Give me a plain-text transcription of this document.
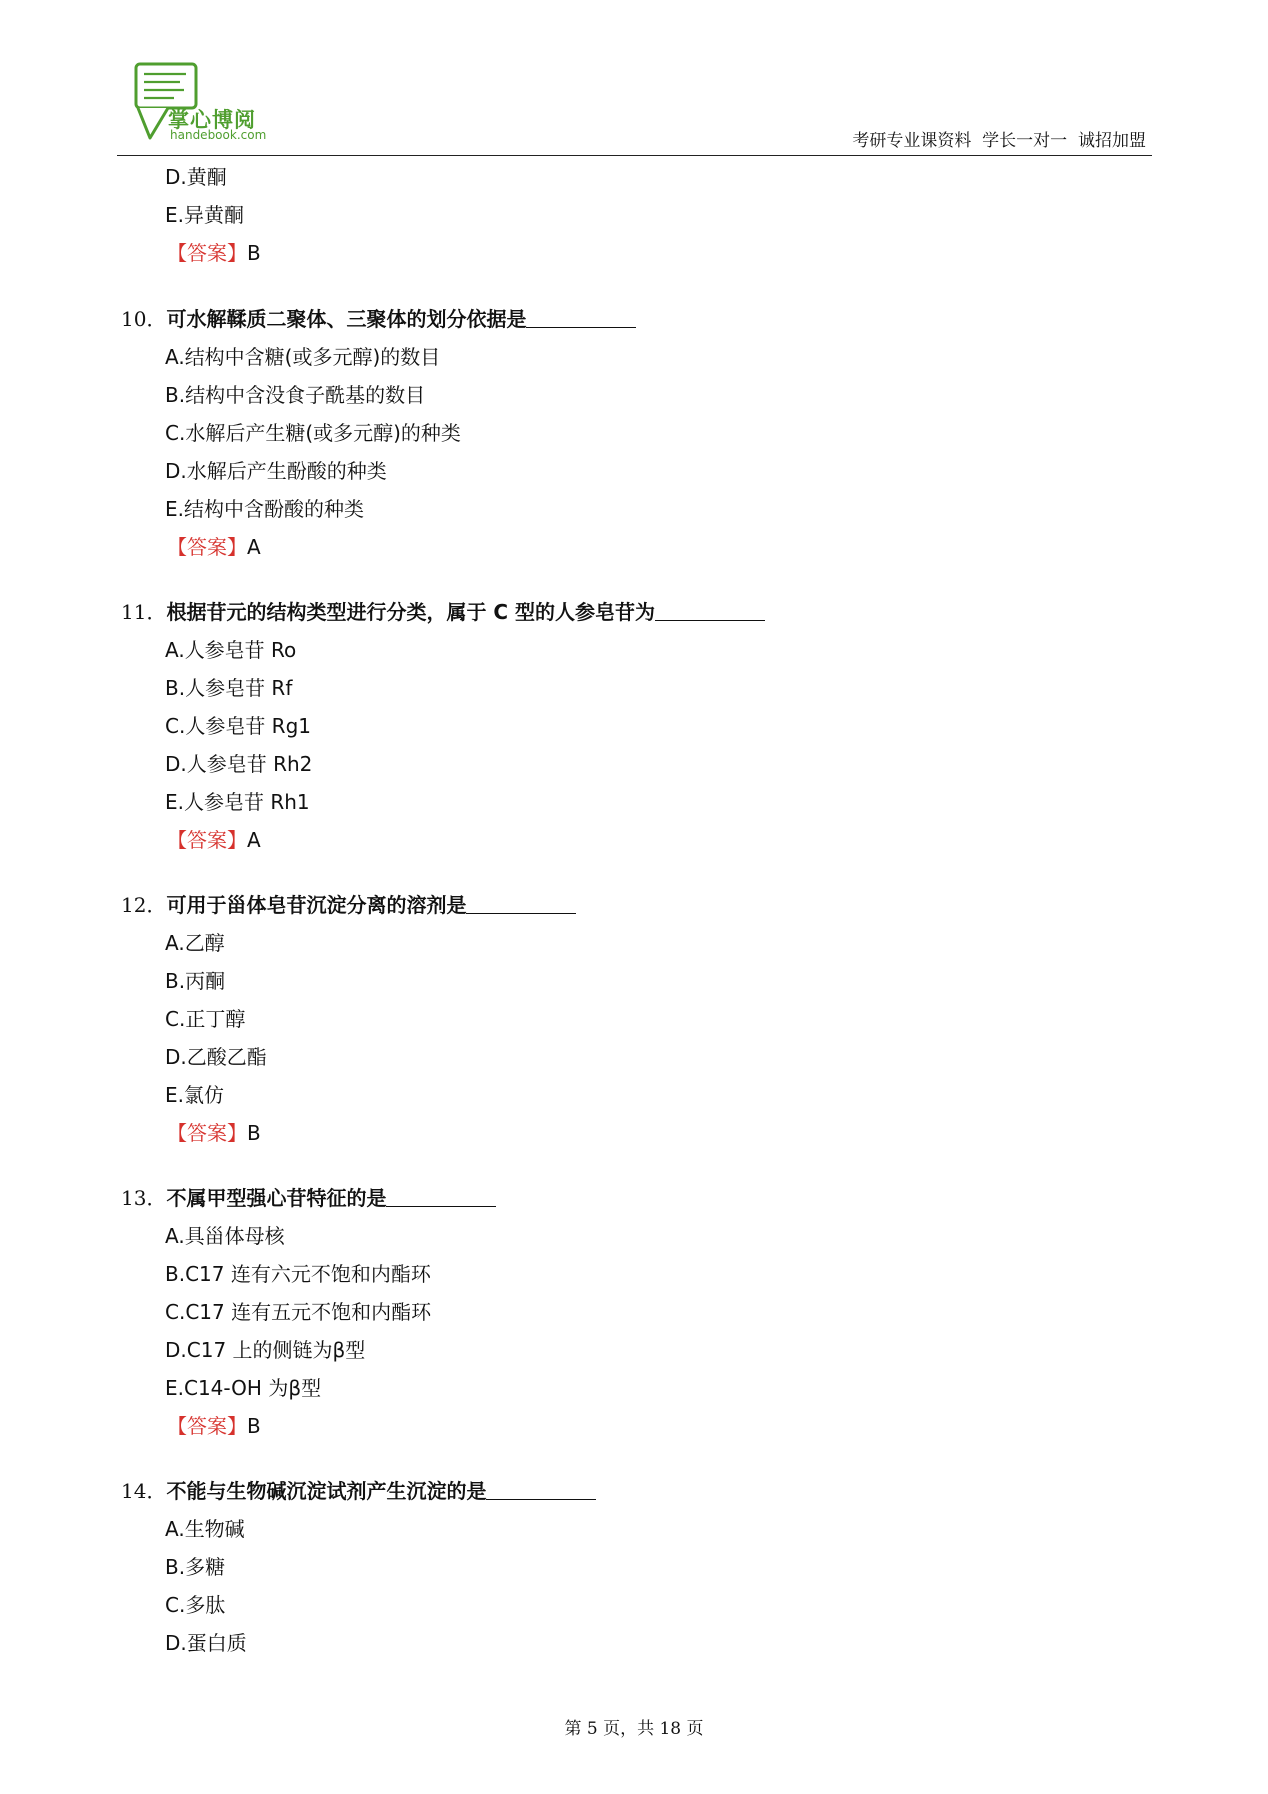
掌心博阅
handebook.com	考研专业课资料  学长一对一  诚招加盟
D.黄酮
E.异黄酮
【答案】B
10．可水解鞣质二聚体、三聚体的划分依据是
A.结构中含糖(或多元醇)的数目
B.结构中含没食子酰基的数目
C.水解后产生糖(或多元醇)的种类
D.水解后产生酚酸的种类
E.结构中含酚酸的种类
【答案】A
11．根据苷元的结构类型进行分类，属于 C 型的人参皂苷为
A.人参皂苷 Ro
B.人参皂苷 Rf
C.人参皂苷 Rg1
D.人参皂苷 Rh2
E.人参皂苷 Rh1
【答案】A
12．可用于甾体皂苷沉淀分离的溶剂是
A.乙醇
B.丙酮
C.正丁醇
D.乙酸乙酯
E.氯仿
【答案】B
13．不属甲型强心苷特征的是
A.具甾体母核
B.C17 连有六元不饱和内酯环
C.C17 连有五元不饱和内酯环
D.C17 上的侧链为β型
E.C14-OH 为β型
【答案】B
14．不能与生物碱沉淀试剂产生沉淀的是
A.生物碱
B.多糖
C.多肽
D.蛋白质
第 5 页，共 18 页
